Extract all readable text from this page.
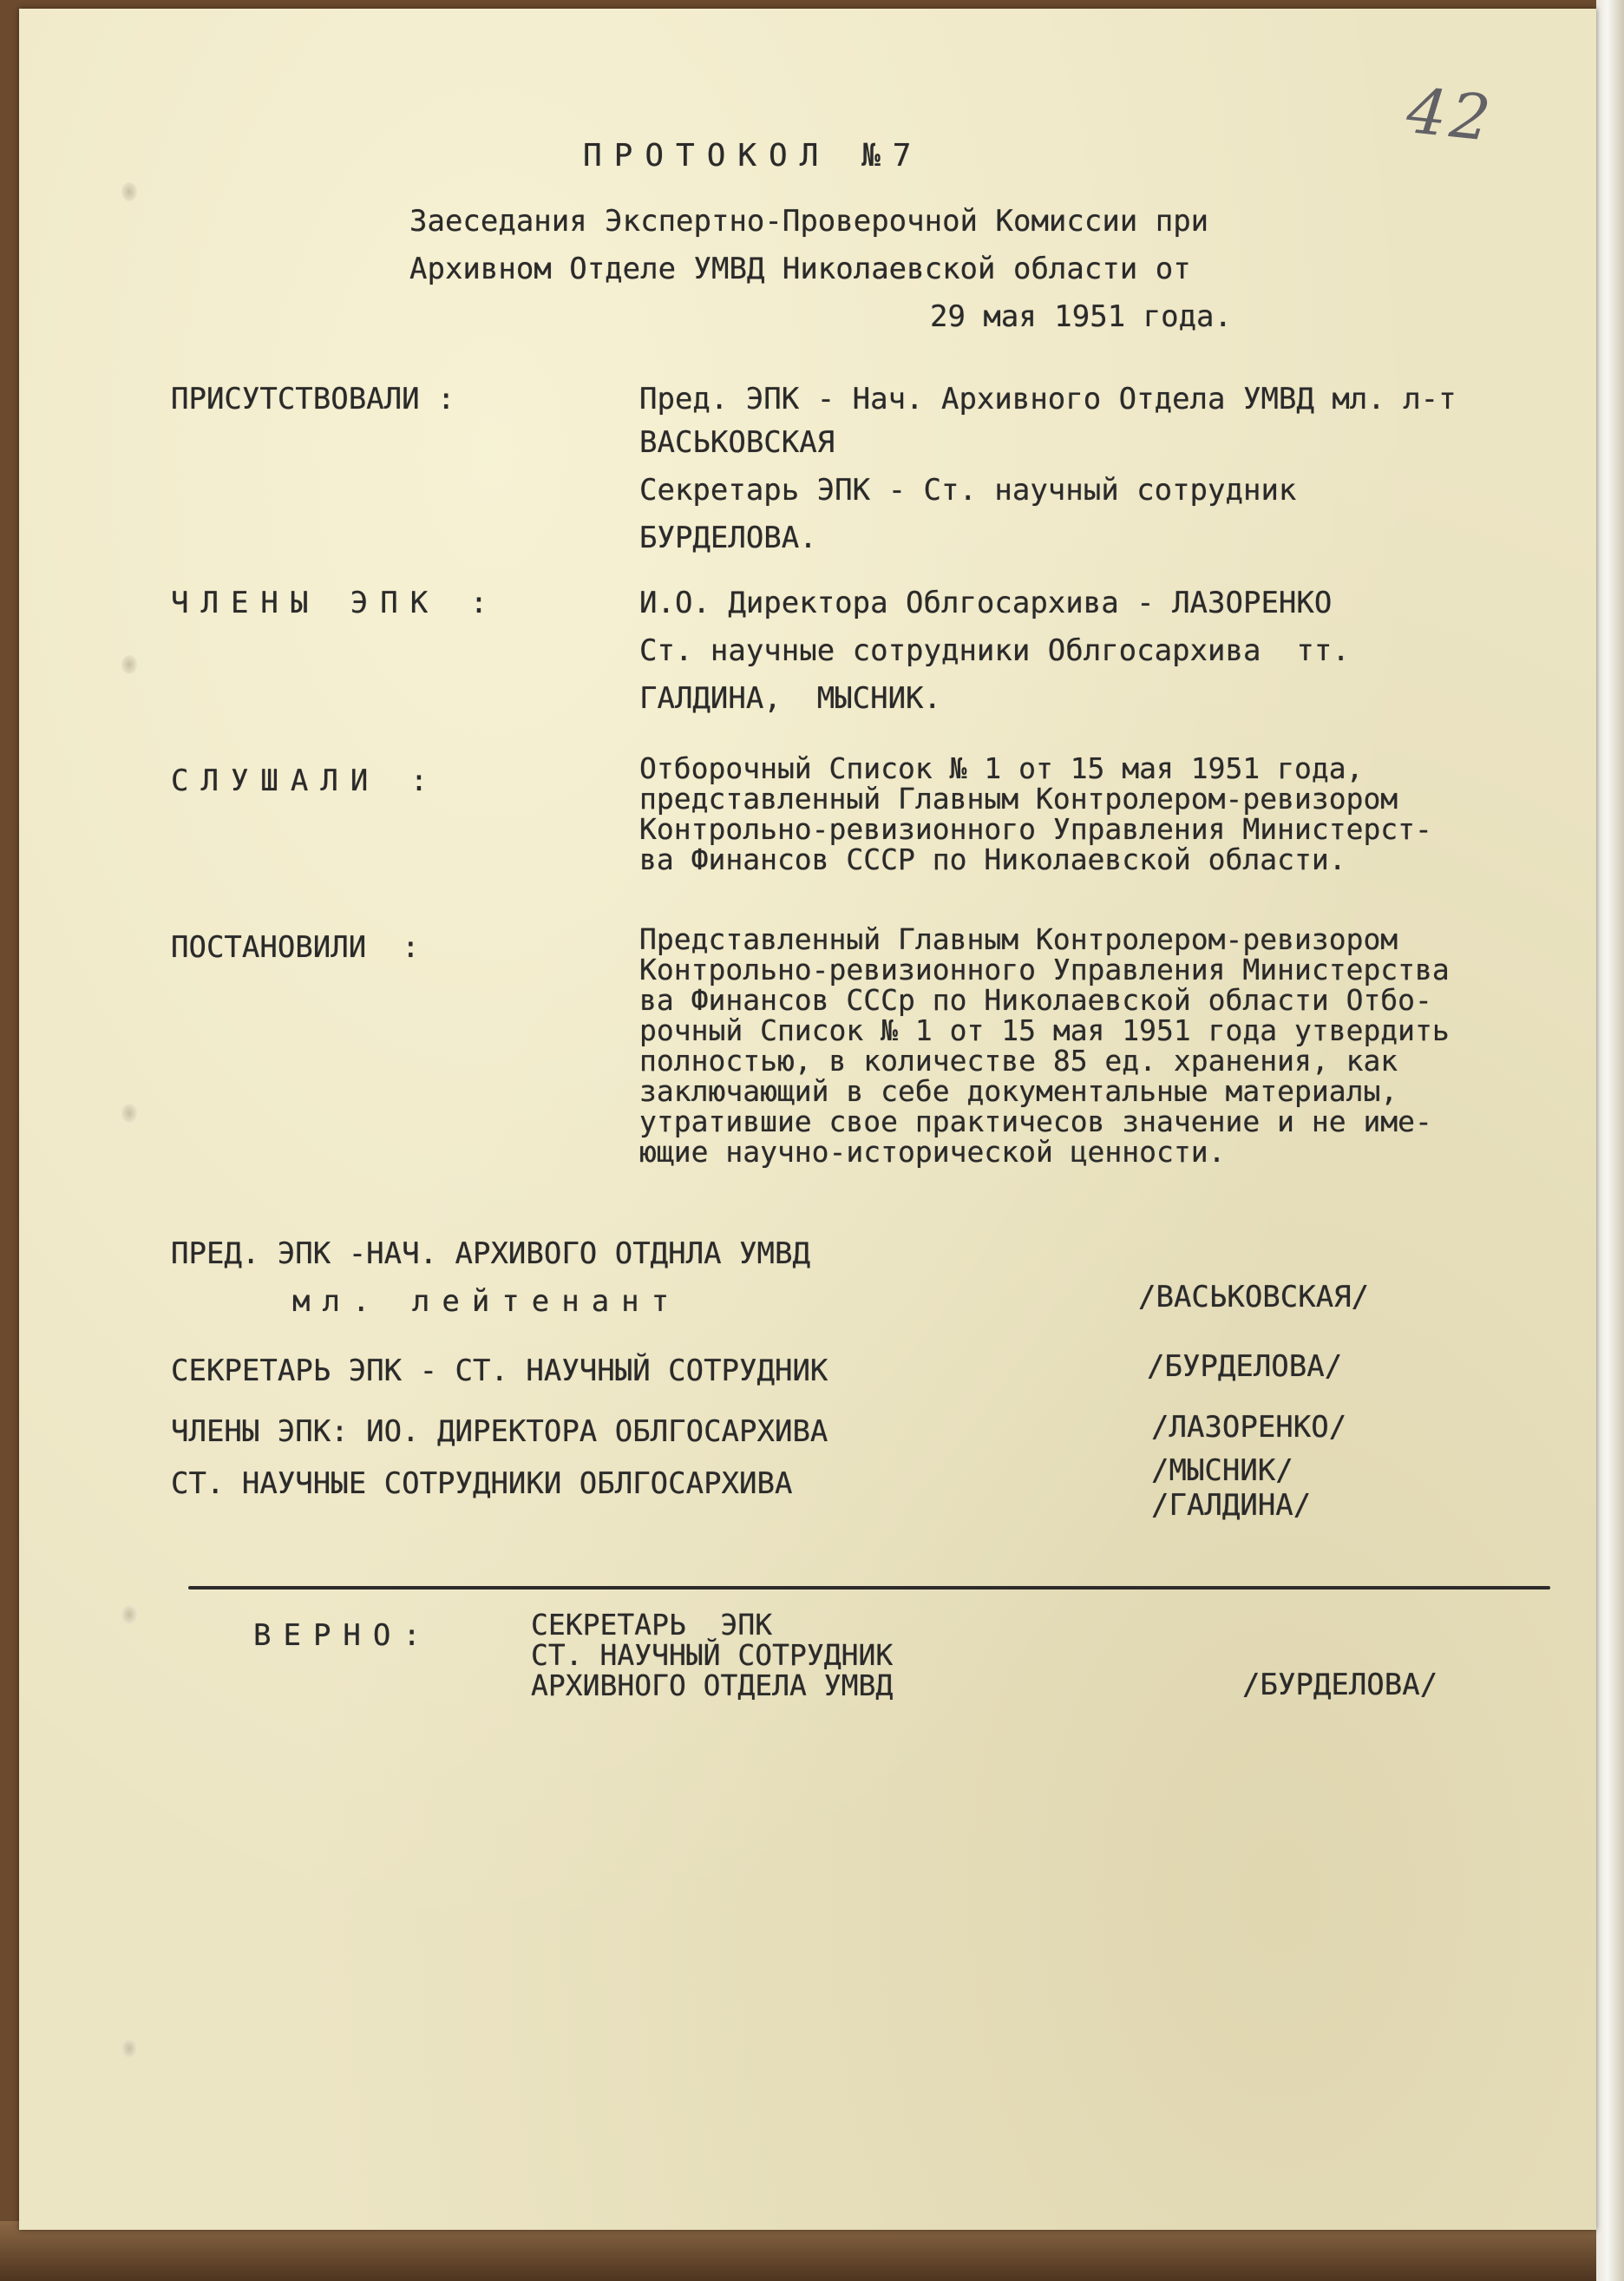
42
ПРОТОКОЛ №7
Заеседания Экспертно-Проверочной Комиссии при
Архивном Отделе УМВД Николаевской области от
29 мая 1951 года.
ПРИСУТСТВОВАЛИ :	Пред. ЭПК - Нач. Архивного Отдела УМВД мл. л-т
ВАСЬКОВСКАЯ
Секретарь ЭПК - Ст. научный сотрудник
БУРДЕЛОВА.
ЧЛЕНЫ ЭПК :	И.О. Директора Облгосархива - ЛАЗОРЕНКО
Ст. научные сотрудники Облгосархива  тт.
ГАЛДИНА,  МЫСНИК.
СЛУШАЛИ :	Отборочный Список № 1 от 15 мая 1951 года,
представленный Главным Контролером-ревизором
Контрольно-ревизионного Управления Министерст-
ва Финансов СССР по Николаевской области.
ПОСТАНОВИЛИ  :	Представленный Главным Контролером-ревизором
Контрольно-ревизионного Управления Министерства
ва Финансов СССр по Николаевской области Отбо-
рочный Список № 1 от 15 мая 1951 года утвердить
полностью, в количестве 85 ед. хранения, как
заключающий в себе документальные материалы,
утратившие свое практичесов значение и не име-
ющие научно-исторической ценности.
ПРЕД. ЭПК -НАЧ. АРХИВОГО ОТДНЛА УМВД
мл. лейтенант	/ВАСЬКОВСКАЯ/
СЕКРЕТАРЬ ЭПК - СТ. НАУЧНЫЙ СОТРУДНИК	/БУРДЕЛОВА/
ЧЛЕНЫ ЭПК: ИО. ДИРЕКТОРА ОБЛГОСАРХИВА	/ЛАЗОРЕНКО/
СТ. НАУЧНЫЕ СОТРУДНИКИ ОБЛГОСАРХИВА	/МЫСНИК/
/ГАЛДИНА/
ВЕРНО:	СЕКРЕТАРЬ  ЭПК
СТ. НАУЧНЫЙ СОТРУДНИК
АРХИВНОГО ОТДЕЛА УМВД	/БУРДЕЛОВА/
